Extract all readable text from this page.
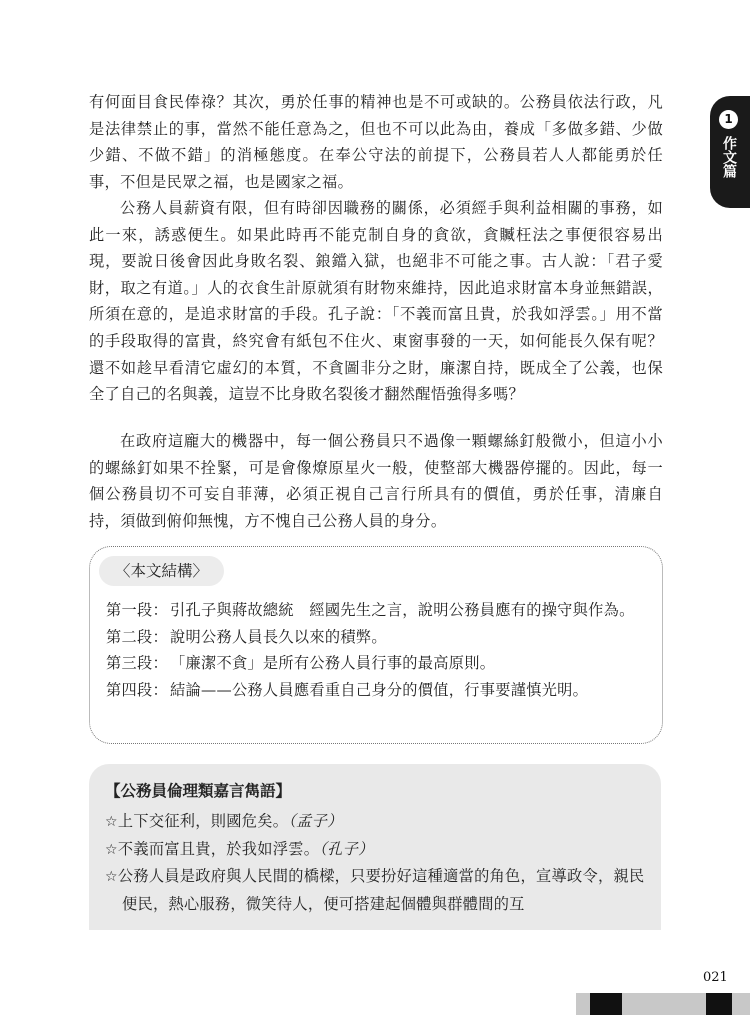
1
作文篇

有何面目食民俸祿？其次，勇於任事的精神也是不可或缺的。公務員依法行政，凡是法律禁止的事，當然不能任意為之，但也不可以此為由，養成「多做多錯、少做少錯、不做不錯」的消極態度。在奉公守法的前提下，公務員若人人都能勇於任事，不但是民眾之福，也是國家之福。

公務人員薪資有限，但有時卻因職務的關係，必須經手與利益相關的事務，如此一來，誘惑便生。如果此時再不能克制自身的貪欲，貪贓枉法之事便很容易出現，要說日後會因此身敗名裂、鋃鐺入獄，也絕非不可能之事。古人說：「君子愛財，取之有道。」人的衣食生計原就須有財物來維持，因此追求財富本身並無錯誤，所須在意的，是追求財富的手段。孔子說：「不義而富且貴，於我如浮雲。」用不當的手段取得的富貴，終究會有紙包不住火、東窗事發的一天，如何能長久保有呢？還不如趁早看清它虛幻的本質，不貪圖非分之財，廉潔自持，既成全了公義，也保全了自己的名與義，這豈不比身敗名裂後才翻然醒悟強得多嗎？

在政府這龐大的機器中，每一個公務員只不過像一顆螺絲釘般微小，但這小小的螺絲釘如果不拴緊，可是會像燎原星火一般，使整部大機器停擺的。因此，每一個公務員切不可妄自菲薄，必須正視自己言行所具有的價值，勇於任事，清廉自持，須做到俯仰無愧，方不愧自己公務人員的身分。

〈本文結構〉
第一段： 引孔子與蔣故總統　經國先生之言，說明公務員應有的操守與作為。
第二段： 說明公務人員長久以來的積弊。
第三段： 「廉潔不貪」是所有公務人員行事的最高原則。
第四段： 結論——公務人員應看重自己身分的價值，行事要謹慎光明。
【公務員倫理類嘉言雋語】
☆上下交征利，則國危矣。（孟子）
☆不義而富且貴，於我如浮雲。（孔子）
☆公務人員是政府與人民間的橋樑，只要扮好這種適當的角色，宣導政令，親民便民，熱心服務，微笑待人，便可搭建起個體與群體間的互
021
